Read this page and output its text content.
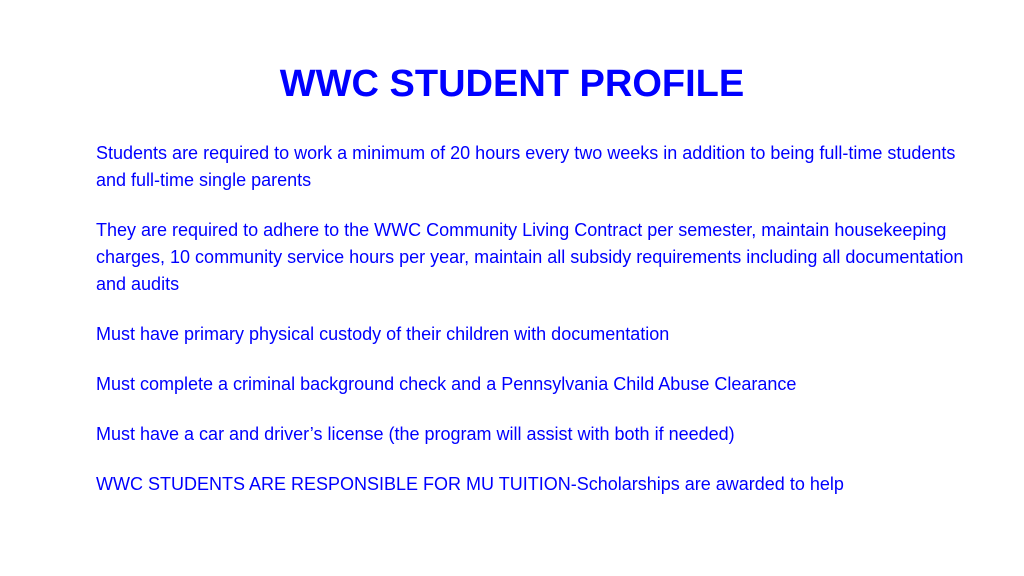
WWC STUDENT PROFILE

Students are required to work a minimum of 20 hours every two weeks in addition to being full-time students and full-time single parents

They are required to adhere to the WWC Community Living Contract per semester, maintain housekeeping charges, 10 community service hours per year, maintain all subsidy requirements including all documentation and audits

Must have primary physical custody of their children with documentation

Must complete a criminal background check and a Pennsylvania Child Abuse Clearance

Must have a car and driver’s license (the program will assist with both if needed)

WWC STUDENTS ARE RESPONSIBLE FOR MU TUITION-Scholarships are awarded to help
